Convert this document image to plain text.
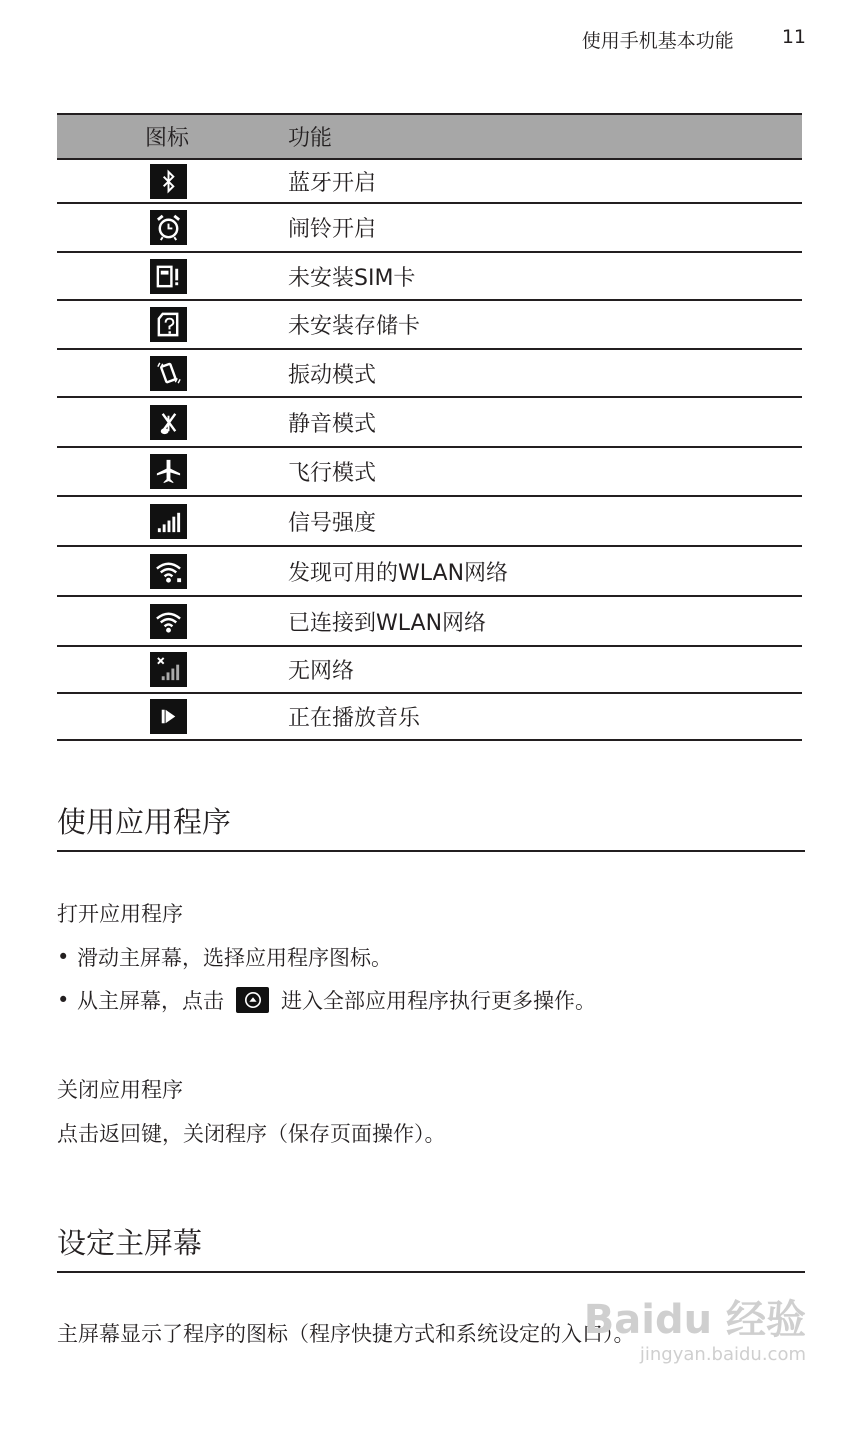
使用手机基本功能	11
图标	功能
蓝牙开启
闹铃开启
未安装SIM卡
未安装存储卡
振动模式
静音模式
飞行模式
信号强度
发现可用的WLAN网络
已连接到WLAN网络
无网络
正在播放音乐
使用应用程序
打开应用程序
• 滑动主屏幕，选择应用程序图标。
• 从主屏幕，点击	进入全部应用程序执行更多操作。
关闭应用程序
点击返回键，关闭程序（保存页面操作）。
设定主屏幕
主屏幕显示了程序的图标（程序快捷方式和系统设定的入口）。
Baidu 经验
jingyan.baidu.com
